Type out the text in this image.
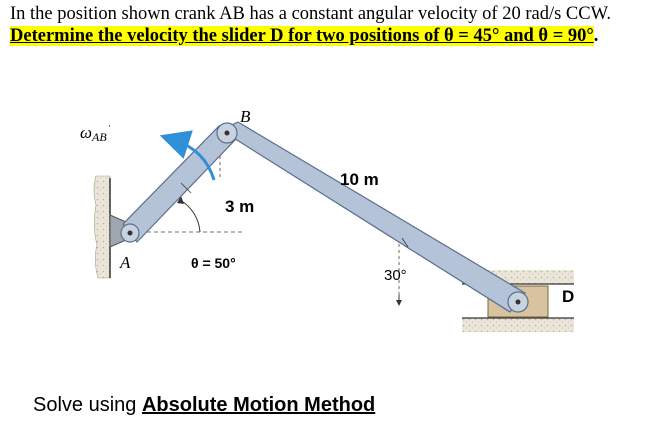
In the position shown crank AB has a constant angular velocity of 20 rad/s CCW.
Determine the velocity the slider D for two positions of θ = 45° and θ = 90°.
ωAB˙
B
A
D
3 m
10 m
θ = 50°
30°
Solve using Absolute Motion Method
